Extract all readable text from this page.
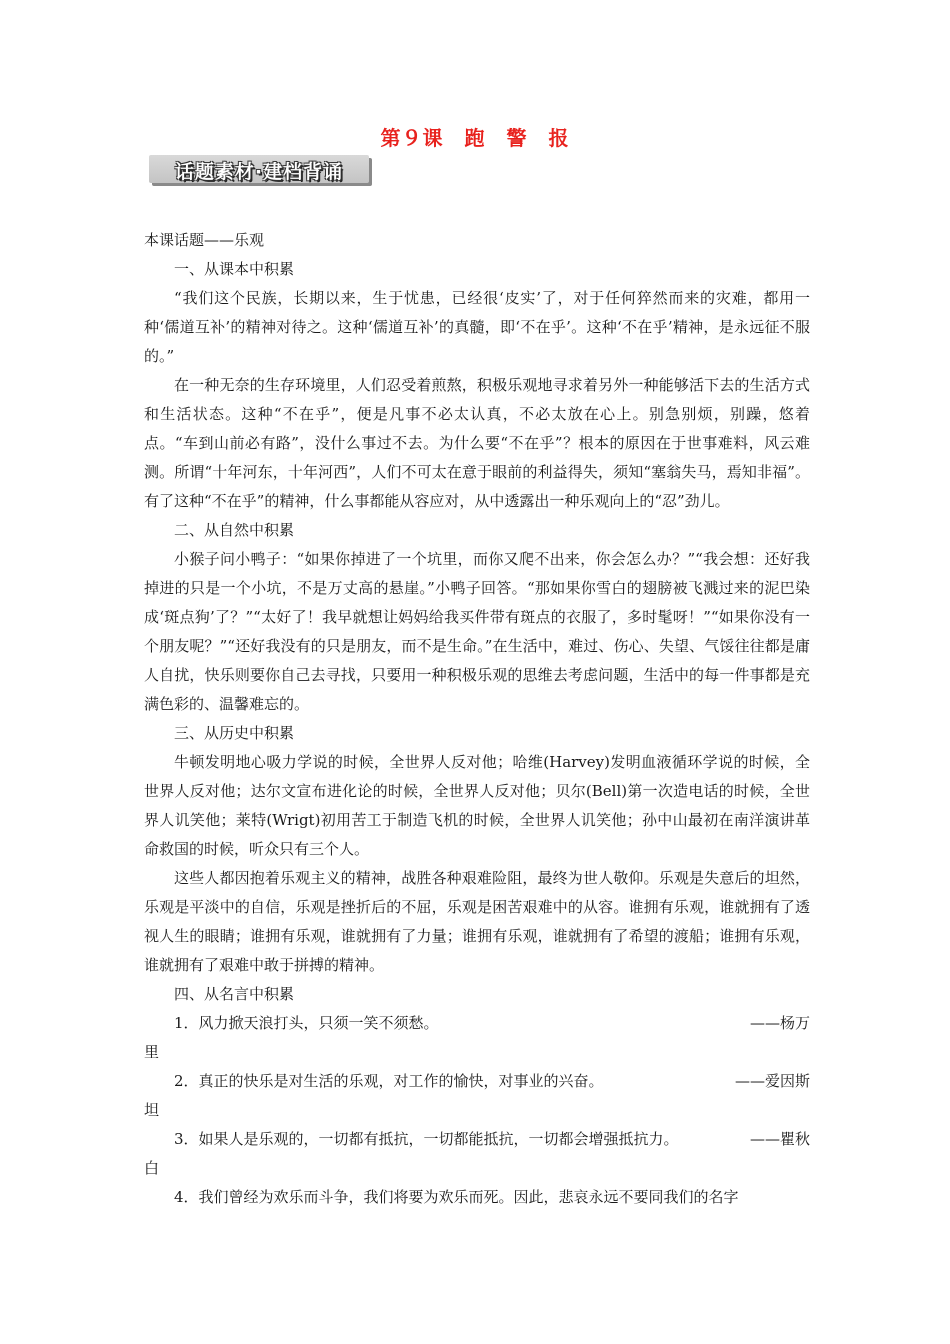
第９课　跑　警　报
话题素材·建档背诵

本课话题——乐观

一、从课本中积累

“我们这个民族，长期以来，生于忧患，已经很‘皮实’了，对于任何猝然而来的灾难，都用一种‘儒道互补’的精神对待之。这种‘儒道互补’的真髓，即‘不在乎’。这种‘不在乎’精神，是永远征不服的。”

在一种无奈的生存环境里，人们忍受着煎熬，积极乐观地寻求着另外一种能够活下去的生活方式和生活状态。这种“不在乎”，便是凡事不必太认真，不必太放在心上。别急别烦，别躁，悠着点。“车到山前必有路”，没什么事过不去。为什么要“不在乎”？根本的原因在于世事难料，风云难测。所谓“十年河东，十年河西”，人们不可太在意于眼前的利益得失，须知“塞翁失马，焉知非福”。有了这种“不在乎”的精神，什么事都能从容应对，从中透露出一种乐观向上的“忍”劲儿。

二、从自然中积累

小猴子问小鸭子：“如果你掉进了一个坑里，而你又爬不出来，你会怎么办？”“我会想：还好我掉进的只是一个小坑，不是万丈高的悬崖。”小鸭子回答。“那如果你雪白的翅膀被飞溅过来的泥巴染成‘斑点狗’了？”“太好了！我早就想让妈妈给我买件带有斑点的衣服了，多时髦呀！”“如果你没有一个朋友呢？”“还好我没有的只是朋友，而不是生命。”在生活中，难过、伤心、失望、气馁往往都是庸人自扰，快乐则要你自己去寻找，只要用一种积极乐观的思维去考虑问题，生活中的每一件事都是充满色彩的、温馨难忘的。

三、从历史中积累

牛顿发明地心吸力学说的时候，全世界人反对他；哈维(Harvey)发明血液循环学说的时候，全世界人反对他；达尔文宣布进化论的时候，全世界人反对他；贝尔(Bell)第一次造电话的时候，全世界人讥笑他；莱特(Wrigt)初用苦工于制造飞机的时候，全世界人讥笑他；孙中山最初在南洋演讲革命救国的时候，听众只有三个人。

这些人都因抱着乐观主义的精神，战胜各种艰难险阻，最终为世人敬仰。乐观是失意后的坦然，乐观是平淡中的自信，乐观是挫折后的不屈，乐观是困苦艰难中的从容。谁拥有乐观，谁就拥有了透视人生的眼睛；谁拥有乐观，谁就拥有了力量；谁拥有乐观，谁就拥有了希望的渡船；谁拥有乐观，谁就拥有了艰难中敢于拼搏的精神。

四、从名言中积累

1．风力掀天浪打头，只须一笑不须愁。	——杨万

里

2．真正的快乐是对生活的乐观，对工作的愉快，对事业的兴奋。	——爱因斯

坦

3．如果人是乐观的，一切都有抵抗，一切都能抵抗，一切都会增强抵抗力。	——瞿秋

白

4．我们曾经为欢乐而斗争，我们将要为欢乐而死。因此，悲哀永远不要同我们的名字
